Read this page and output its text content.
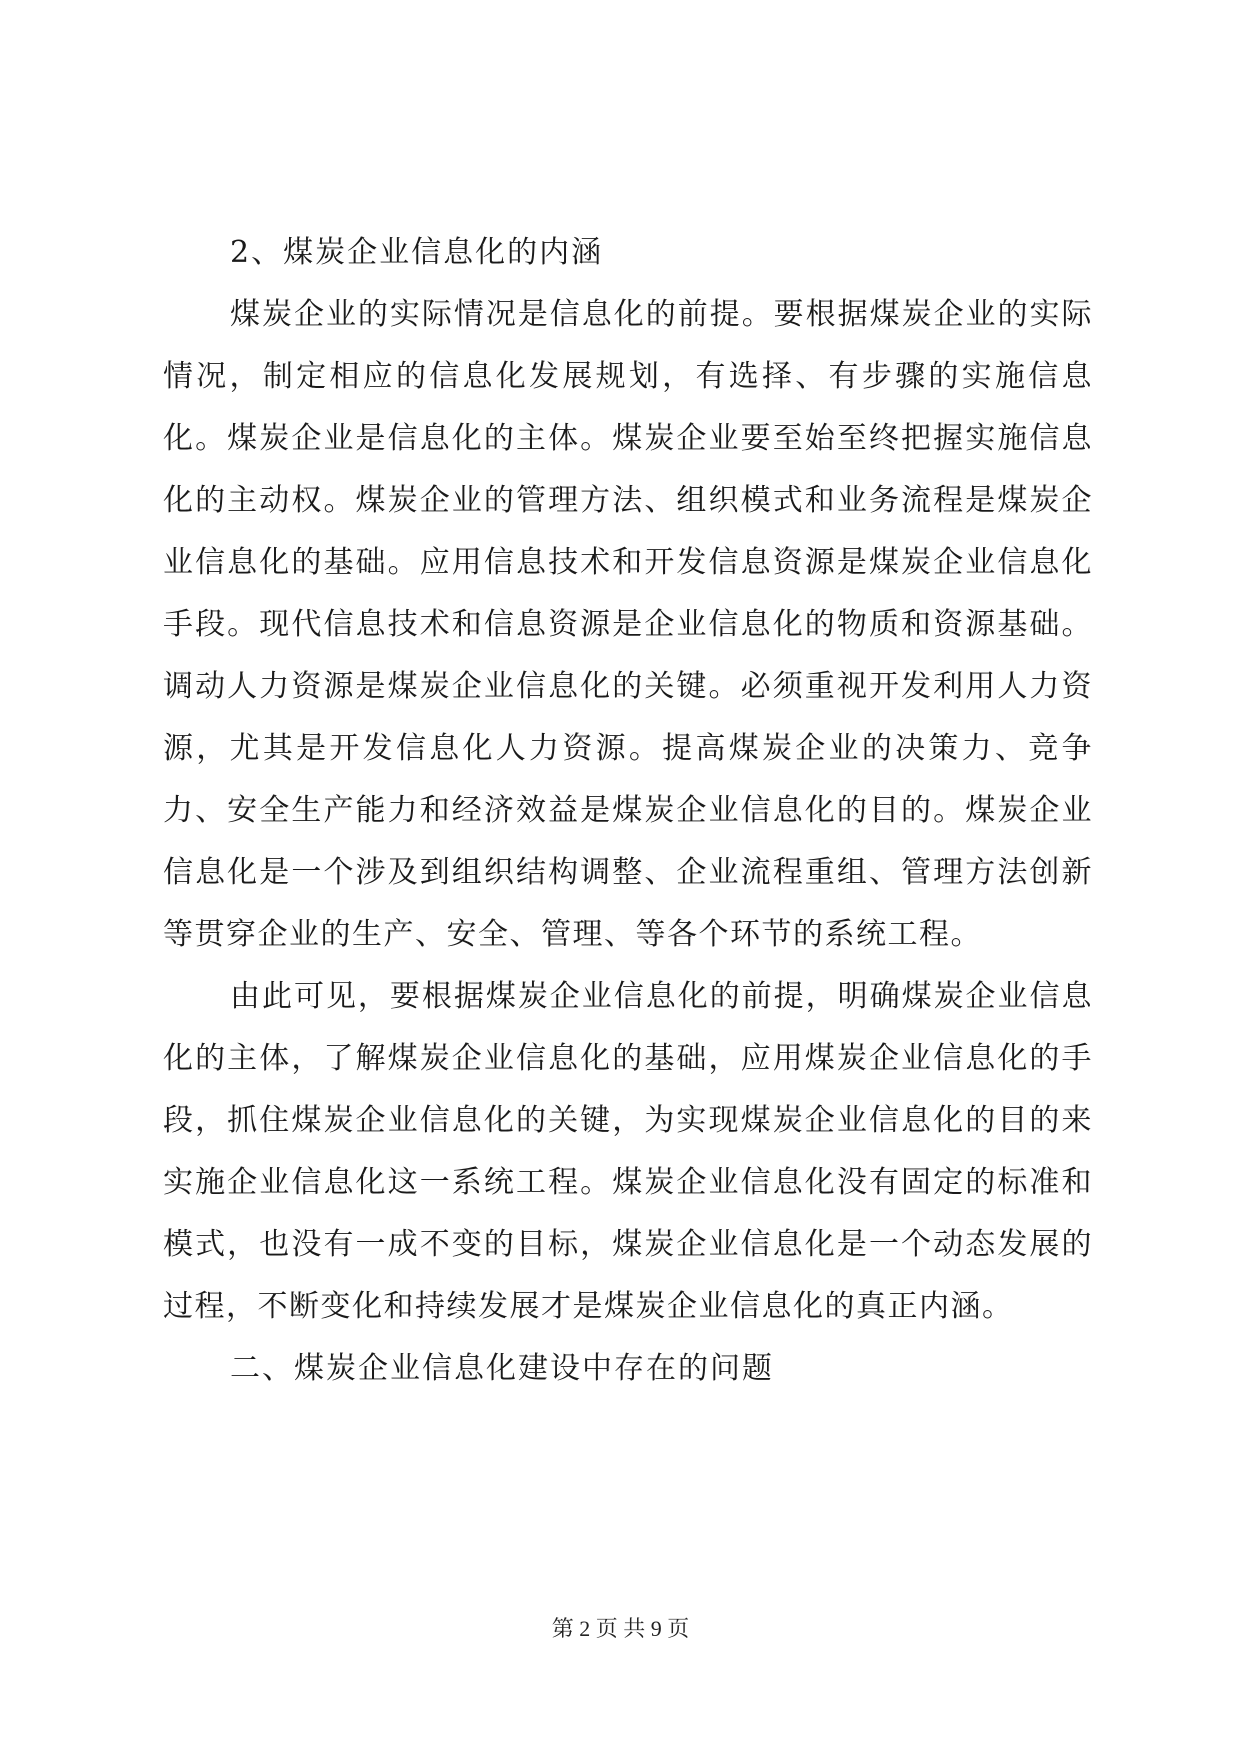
2、煤炭企业信息化的内涵

煤炭企业的实际情况是信息化的前提。要根据煤炭企业的实际情况，制定相应的信息化发展规划，有选择、有步骤的实施信息化。煤炭企业是信息化的主体。煤炭企业要至始至终把握实施信息化的主动权。煤炭企业的管理方法、组织模式和业务流程是煤炭企业信息化的基础。应用信息技术和开发信息资源是煤炭企业信息化手段。现代信息技术和信息资源是企业信息化的物质和资源基础。调动人力资源是煤炭企业信息化的关键。必须重视开发利用人力资源，尤其是开发信息化人力资源。提高煤炭企业的决策力、竞争力、安全生产能力和经济效益是煤炭企业信息化的目的。煤炭企业信息化是一个涉及到组织结构调整、企业流程重组、管理方法创新等贯穿企业的生产、安全、管理、等各个环节的系统工程。

由此可见，要根据煤炭企业信息化的前提，明确煤炭企业信息化的主体，了解煤炭企业信息化的基础，应用煤炭企业信息化的手段，抓住煤炭企业信息化的关键，为实现煤炭企业信息化的目的来实施企业信息化这一系统工程。煤炭企业信息化没有固定的标准和模式，也没有一成不变的目标，煤炭企业信息化是一个动态发展的过程，不断变化和持续发展才是煤炭企业信息化的真正内涵。

二、煤炭企业信息化建设中存在的问题
第 2 页 共 9 页
